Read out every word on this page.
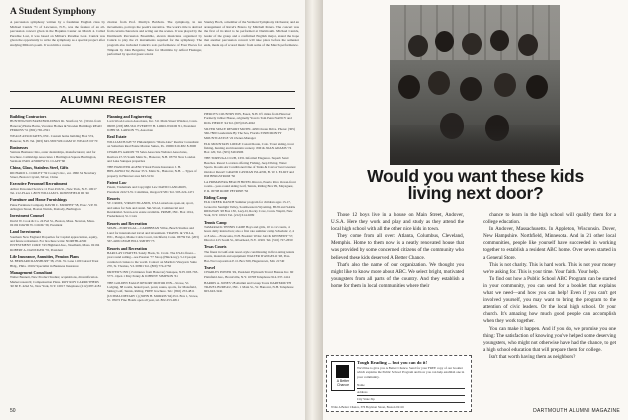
A Student Symphony
A percussion symphony written by a freshman English class by Michael Canick '71 of Lawrence, N.Y., was the feature of an all-percussion concert given in the Hopkins Center on March 4. Called Paradise Lost, it was based on Milton's Paradise Lost. Canick was given the opportunity to write the symphony as a special project after studying Milton's poem. It won him a course
citation from Prof. Marilyn Baldwin. The symphony, in ten movements, portrays the poem's narrative. The work's title is derived from certain characters and acting out the scenes. It was played by the Dartmouth Percussion Ensemble, eleven musicians organized by Canick to play the 21 instruments required for the symphony. The program also included Canick's solo performance of Four Pieces for Timpani by John Bergamo; Suite for Marimba by Alfred Fissinger, performed by special guest soloist
Stanley Hoch, a member of the Vermont Symphony Orchestra; and an arrangement of Ravel's Bolero by Mitchell Peters. The concert was the first of its kind to be performed at Dartmouth. Michael Canick, leader of the group and a confirmed English major, stated the hope that another percussion concert will take place before the semester ends, made up of scored music from some of the March performance.
ALUMNI REGISTER
Building Contractors
HUNTINGTON FARM BUILDINGS Rt. Stratford, Vt. (30 mi. from Hanover) Home Barns, Vacation Homes & Wooden Buildings READ PERKINS '51 (802) 765-2591
WEALE ASSOCIATES, INC. Custom home building Box 574, Hanover, N.H. Tel. (603) 643-3300 WILLIAM W. WEALE III '70
Businesses
Venture Business: Into, outer dealerships, manufacturers; and for brochure. Cambridge Associates 1 Burlington Square Burlington, Vermont 05401 ANDREW D. CLAPP '60
China, Glass, Stainless Steel, Gifts
RICHARD L. COOLEY '59 Cooley's Inc., est. 1860 34 Newbury Street, Boston Crystal, Silver, China
Executive Personnel Recruitment
Arthur Personnel Service 11 East 45th St., New York, N.Y. 10017 Tel. 212-PLaza 1-8070 WILLIAM S. ROSENFIELD III '46
Furniture and Home Furnishings
Paine Furniture Company DAVID C. MURPHY '58, Exec. V.P. 81 Arlington Street, Boston Natick, Peabody, Burlington
Investment Counsel
David W. Cook & Co. 24 Fed St., Boston, Mass. Newton, Mass. 02192 DAVID W. COOK '39, President
Land Investments
Southern New England Properties for Capital appreciation, equity, and future retirement. For brochure write: NORTHLAND INVESTMENT CORP. 743 Highland Ave., Needham, Mass. 02194 ROBERT A. DANZIGER '76, President
Life Insurance, Annuities, Pension Plans
M. BERNARD RANSBURY '38, 23 R. W. Lane 1100 Girard Trust Bldg., Phila. 19102 Specialist in Business Insurance
Management Consultant
Walter Bennett, New Product Studies; acquisitions, diversification. Market research; Compensation Plans. ROY ROY CARRUTHERS '40 60 E. 42nd St., New York, N.Y. 10017 Telephone (212) 687-4181
Planning and Engineering
Lord-Wood-Larson Associates, Inc. 311 Main Street Windsor, Conn. 06095 (203) 688-5611 EVERETT H. LORD-WOOD '61, President JOHN M. LARSON '75, Associate
Real Estate
WILLIAM PUGH '57 Philadelphia's "Main-Line" Realtor Consultant on Suburban Real Estate Marion Suites, Pa. 19066 610-MU 8-3600
CHARLES AARON '76 Sales Associate Webster Associates, Realtors 47-55 South Main St., Hanover, N.H. 03755 New London and Lake Sunapee properties
THE HANOVER AGENCY Real Estate Insurance J. H. BIELAWSKI '62, Broker 35 S. Main St., Hanover, N.H. ... Types of property in Hanover area 643-3134
Patent Law
Patent, Trademark and Copyright Law DAVID LANGDON, President 2222 S.W. Columbus, Oregon 97201 Tel. 503-224-1471
Resorts
ST. CROIX, VIRGIN ISLANDS, USA Luxurious open-air, sport, and suites for Sale and rental. Ski-Wood, Commercial and Residential. Seven-acre estate available. PRIME, INC. Box 1014, Frederiksted, St. Croix
Resorts and Recreation
SPAIN—PORTUGAL—CARIBBEAN Villas, Beach Studios and Land for international travel and investment. TRAVEL & VILLA, INC., Bangor, Maine Coble Court, Litchfield, Conn. 06759 Tel. (203) 567-4266 LEIGH HILL SMITH '73
Resorts and Recreation
BARCLAY CHATTEL Sandy Hook, St. Croix. The USA's finest—year round sailing—see Passion '77 Sloop (Hinck-ley). 5-10 people conducted cruises to the world. Contact on Martha's Vineyard. Suite 270, St. Thomas, V.I. 00801 Tel. (809) 774-2750
DRIVER'S INN (15 minutes from Hanover) Sunapee, N.H. 603-763-5771. Open 1 May Penny & JOHNNY SIMPSON '61
THE GOLDEN EAGLE RESORT MOTOR INN—Stowe, Vt. Lodging, 88 rooms, heated pool, pond, sauna, sports, for Mansfield, Skiing Golf, Tennis, Riding. FREE brochure. Tel.: (802) 253-4811 (ULTIMA DIETARY 1) (JOHN H. MORRIS '64) P.O. Box 1, Stowe, Vt. 05672 Fine Hotels open all year, tel. 802-253-4811
PIERCE'S COUNTRY INN, Essex, N.H. 6½ miles from Hanover Formerly Jabber House, originally Yowa's Tom Penn NANCY and ROG PIERCE '44 Tel. (603) 643-4042
SILVER SPACE RESORT MOTEL 4299 Ocean Drive. Phone: (305) 566-7800 Lauderdale By The Sea, Florida 33308 MONTY MOUNTCASTLE '22 Owner-Manager
ELK MOUNTAIN LODGE Conard Route, Colo. Trout skiing, trout fishing, hunting and mountain scenery. JIM & JOAN ADAMS '74 Box 120, Tel. (303) 349-9906
THE TORTUGA CLUB, LTD. Informal Elegance. Superb Sand Beaches. Resort Location offering Fishing, Jeep Diving. Water Sports. Rooms Air Conditioned One of Turks & Caicos' best Greatest Outdoor Resort! GRAND CAYMAN ISLAND, B. W. I. ELIOT and JIM BERGSTROM '56
LA PRIMAVERA BEACH HOTEL Rincon, Puerto Rico Ocean-front rooms—year-round skiing Golf, Tennis, Riding Box 99, Mayaguez, P. R. 00708 RODE PETRINE '56
Riding Camp
ELK CREEK RANCH Summer program for children ages 13-17, located in Sunlight Valley, Southwestern Wyoming. BUD and SARA RIDGWAY '48 Box 130, Lazy-D, Rocky Cove, Conn. Wapiti, New York, N.Y. 10021 Tel. (212) 614-0299
Tennis Camp
TAMARACK TENNIS CAMP Boys and girls, 10 to 12 courts, 4 hours daily instruction; also a first rate summer camp Schedule: 2, 4 or 8 wks.—Franconia, N.H. Booklet: Write: JACK KENNEDY '57, Director 415 South St., Riverhead, N.Y. 11901 Tel. (516) 727-2650
Texas Courts
The finest in Gulf-side resort-style conditioning in first-rating tennis courts, materials and equipment WALTER D'ANGELO '48, Pres. Har-Tru Corporation P. O. Box 569, Hagerstown, Md. 21740
Travel
CHARLES POWER '49, President Plymouth Travel Bureau Inc. 60 Plainfield Ave., Bronxville, N.Y. 10708 Telephone 914-337-1414
HARRIS A. JONES '28 Alumni and Group Tours DARTMOUTH TRAVEL BUREAU, INC. 1 Main St., W. Hanover, N.H. Telephone 603-643-3241
50
Would you want these kids
living next door?

Those 12 boys live in a house on Main Street, Andover, U.S.A. Here they work and play and study as they attend the local high school with all the other nice kids in town.

They come from all over: Atlanta, Columbus, Cleveland, Memphis. Home to them now is a neatly renovated house that was provided by some concerned citizens of the community who believed these kids deserved A Better Chance.

That's also the name of our organization. We thought you might like to know more about ABC. We select bright, motivated youngsters from all parts of the country. And they establish a home for them in local communities where their

chance to learn in the high school will qualify them for a college education.

In Andover, Massachusetts. In Appleton, Wisconsin. Dover, New Hampshire. Northfield, Minnesota. And in 21 other local communities, people like yourself have succeeded in working together to establish a resident ABC home. Over seven started in a General Store.

This is not charity. This is hard work. This is not your money we're asking for. This is your time. Your faith. Your help.

To find out how a Public School ABC Program can be started in your community, you can send for a booklet that explains what we need—and how you can help! Even if you can't get involved yourself, you may want to bring the program to the attention of civic leaders. Or the local high school. Or your church. It's amazing how much good people can accomplish when they work together.

You can make it happen. And if you do, we promise you one thing: The satisfaction of knowing you've helped some deserving youngsters, who might not otherwise have had the chance, to get a high school education that will prepare them for college.

Isn't that worth having them as neighbors?

A Better Chance
Tough Reading ... but you can do it!
We'd like to give you A Better Chance. Send for your FREE copy of our booklet which explains the Public School Program and how you can help establish one in your community.
Name
Address
City State Zip
Write A Better Chance, 376 Boylston Street, Boston 02116
DARTMOUTH ALUMNI MAGAZINE
